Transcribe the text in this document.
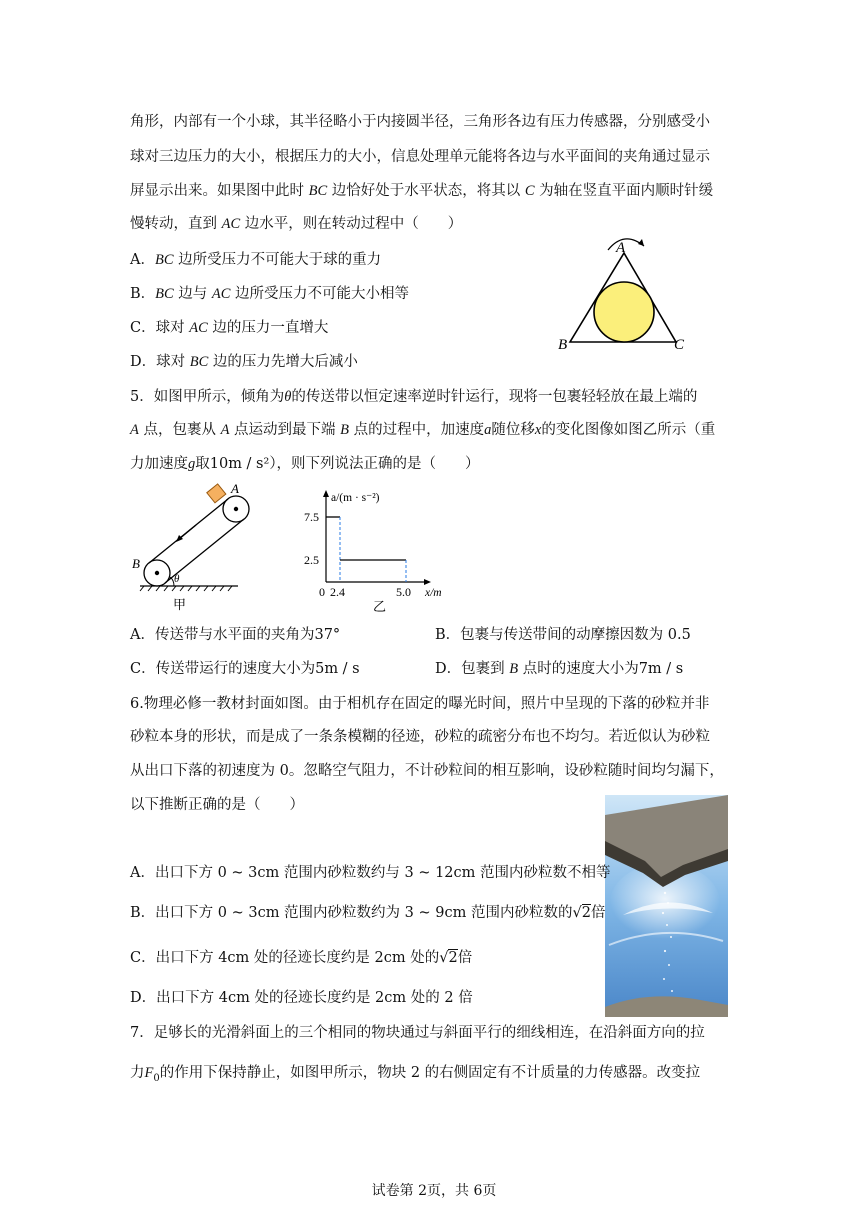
角形，内部有一个小球，其半径略小于内接圆半径，三角形各边有压力传感器，分别感受小
球对三边压力的大小，根据压力的大小，信息处理单元能将各边与水平面间的夹角通过显示
屏显示出来。如果图中此时 BC 边恰好处于水平状态，将其以 C 为轴在竖直平面内顺时针缓
慢转动，直到 AC 边水平，则在转动过程中（　　）
A．BC 边所受压力不可能大于球的重力
B．BC 边与 AC 边所受压力不可能大小相等
C．球对 AC 边的压力一直增大
D．球对 BC 边的压力先增大后减小
A
B	C
5．如图甲所示，倾角为θ的传送带以恒定速率逆时针运行，现将一包裹轻轻放在最上端的
A 点，包裹从 A 点运动到最下端 B 点的过程中，加速度a随位移x的变化图像如图乙所示（重
力加速度g取10m / s²），则下列说法正确的是（　　）
A
B
θ
甲
a/(m · s⁻²)
7.5
2.5
0 2.4	5.0 x/m
乙
A．传送带与水平面的夹角为37°	B．包裹与传送带间的动摩擦因数为 0.5
C．传送带运行的速度大小为5m / s	D．包裹到 B 点时的速度大小为7m / s
6.物理必修一教材封面如图。由于相机存在固定的曝光时间，照片中呈现的下落的砂粒并非
砂粒本身的形状，而是成了一条条模糊的径迹，砂粒的疏密分布也不均匀。若近似认为砂粒
从出口下落的初速度为 0。忽略空气阻力，不计砂粒间的相互影响，设砂粒随时间均匀漏下，
以下推断正确的是（　　）
A．出口下方 0 ~ 3cm 范围内砂粒数约与 3 ~ 12cm 范围内砂粒数不相等
B．出口下方 0 ~ 3cm 范围内砂粒数约为 3 ~ 9cm 范围内砂粒数的√2倍
C．出口下方 4cm 处的径迹长度约是 2cm 处的√2倍
D．出口下方 4cm 处的径迹长度约是 2cm 处的 2 倍
7．足够长的光滑斜面上的三个相同的物块通过与斜面平行的细线相连，在沿斜面方向的拉
力$F_0$的作用下保持静止，如图甲所示，物块 2 的右侧固定有不计质量的力传感器。改变拉
试卷第 2页，共 6页
